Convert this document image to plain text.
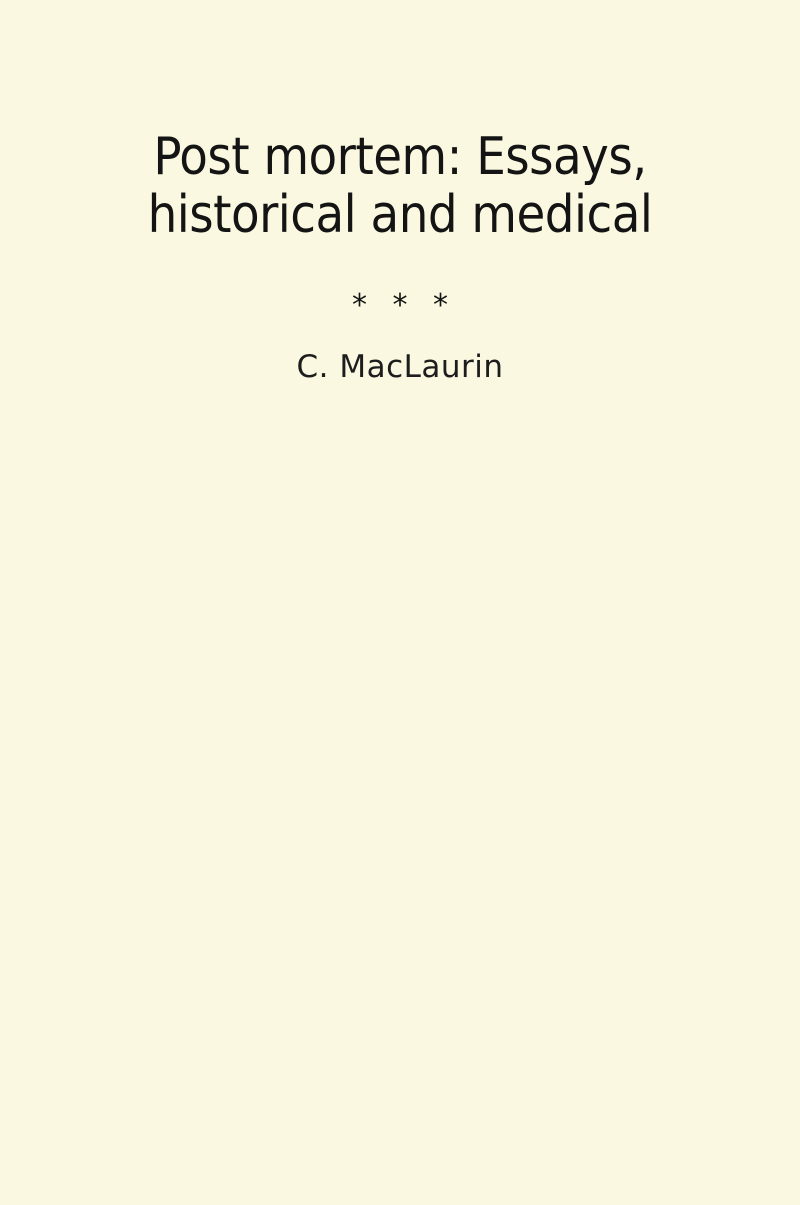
Post mortem: Essays, historical and medical
* * *
C. MacLaurin
